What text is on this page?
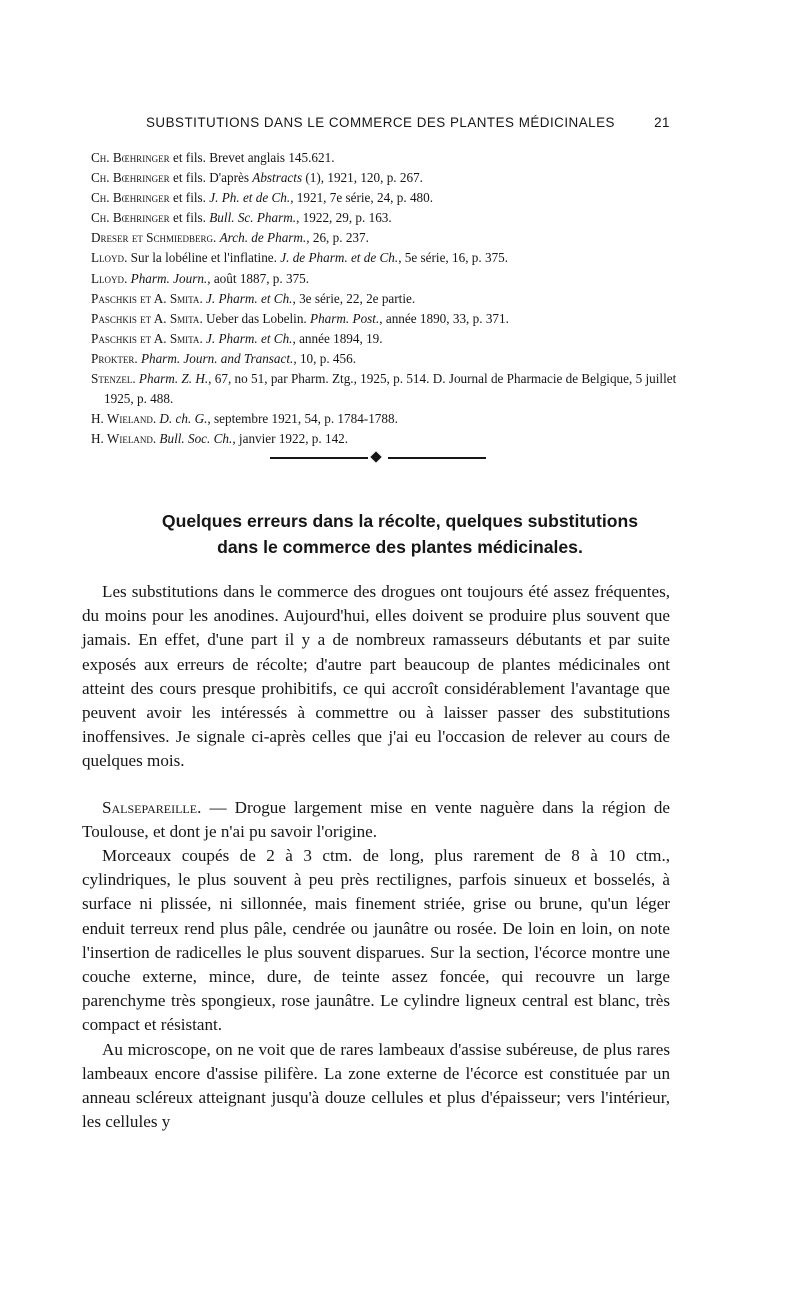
SUBSTITUTIONS DANS LE COMMERCE DES PLANTES MÉDICINALES	21

Ch. Bœhringer et fils. Brevet anglais 145.621.

Ch. Bœhringer et fils. D'après Abstracts (1), 1921, 120, p. 267.

Ch. Bœhringer et fils. J. Ph. et de Ch., 1921, 7e série, 24, p. 480.

Ch. Bœhringer et fils. Bull. Sc. Pharm., 1922, 29, p. 163.

Dreser et Schmiedberg. Arch. de Pharm., 26, p. 237.

Lloyd. Sur la lobéline et l'inflatine. J. de Pharm. et de Ch., 5e série, 16, p. 375.

Lloyd. Pharm. Journ., août 1887, p. 375.

Paschkis et A. Smita. J. Pharm. et Ch., 3e série, 22, 2e partie.

Paschkis et A. Smita. Ueber das Lobelin. Pharm. Post., année 1890, 33, p. 371.

Paschkis et A. Smita. J. Pharm. et Ch., année 1894, 19.

Prokter. Pharm. Journ. and Transact., 10, p. 456.

Stenzel. Pharm. Z. H., 67, no 51, par Pharm. Ztg., 1925, p. 514. D. Journal de Pharmacie de Belgique, 5 juillet 1925, p. 488.

H. Wieland. D. ch. G., septembre 1921, 54, p. 1784-1788.

H. Wieland. Bull. Soc. Ch., janvier 1922, p. 142.

Quelques erreurs dans la récolte, quelques substitutions
dans le commerce des plantes médicinales.

Les substitutions dans le commerce des drogues ont toujours été assez fréquentes, du moins pour les anodines. Aujourd'hui, elles doivent se produire plus souvent que jamais. En effet, d'une part il y a de nombreux ramasseurs débutants et par suite exposés aux erreurs de récolte; d'autre part beaucoup de plantes médicinales ont atteint des cours presque prohibitifs, ce qui accroît considérablement l'avantage que peuvent avoir les intéressés à commettre ou à laisser passer des substitutions inoffensives. Je signale ci-après celles que j'ai eu l'occasion de relever au cours de quelques mois.

Salsepareille. — Drogue largement mise en vente naguère dans la région de Toulouse, et dont je n'ai pu savoir l'origine.

Morceaux coupés de 2 à 3 ctm. de long, plus rarement de 8 à 10 ctm., cylindriques, le plus souvent à peu près rectilignes, parfois sinueux et bosselés, à surface ni plissée, ni sillonnée, mais finement striée, grise ou brune, qu'un léger enduit terreux rend plus pâle, cendrée ou jaunâtre ou rosée. De loin en loin, on note l'insertion de radicelles le plus souvent disparues. Sur la section, l'écorce montre une couche externe, mince, dure, de teinte assez foncée, qui recouvre un large parenchyme très spongieux, rose jaunâtre. Le cylindre ligneux central est blanc, très compact et résistant.

Au microscope, on ne voit que de rares lambeaux d'assise subéreuse, de plus rares lambeaux encore d'assise pilifère. La zone externe de l'écorce est constituée par un anneau scléreux atteignant jusqu'à douze cellules et plus d'épaisseur; vers l'intérieur, les cellules y
